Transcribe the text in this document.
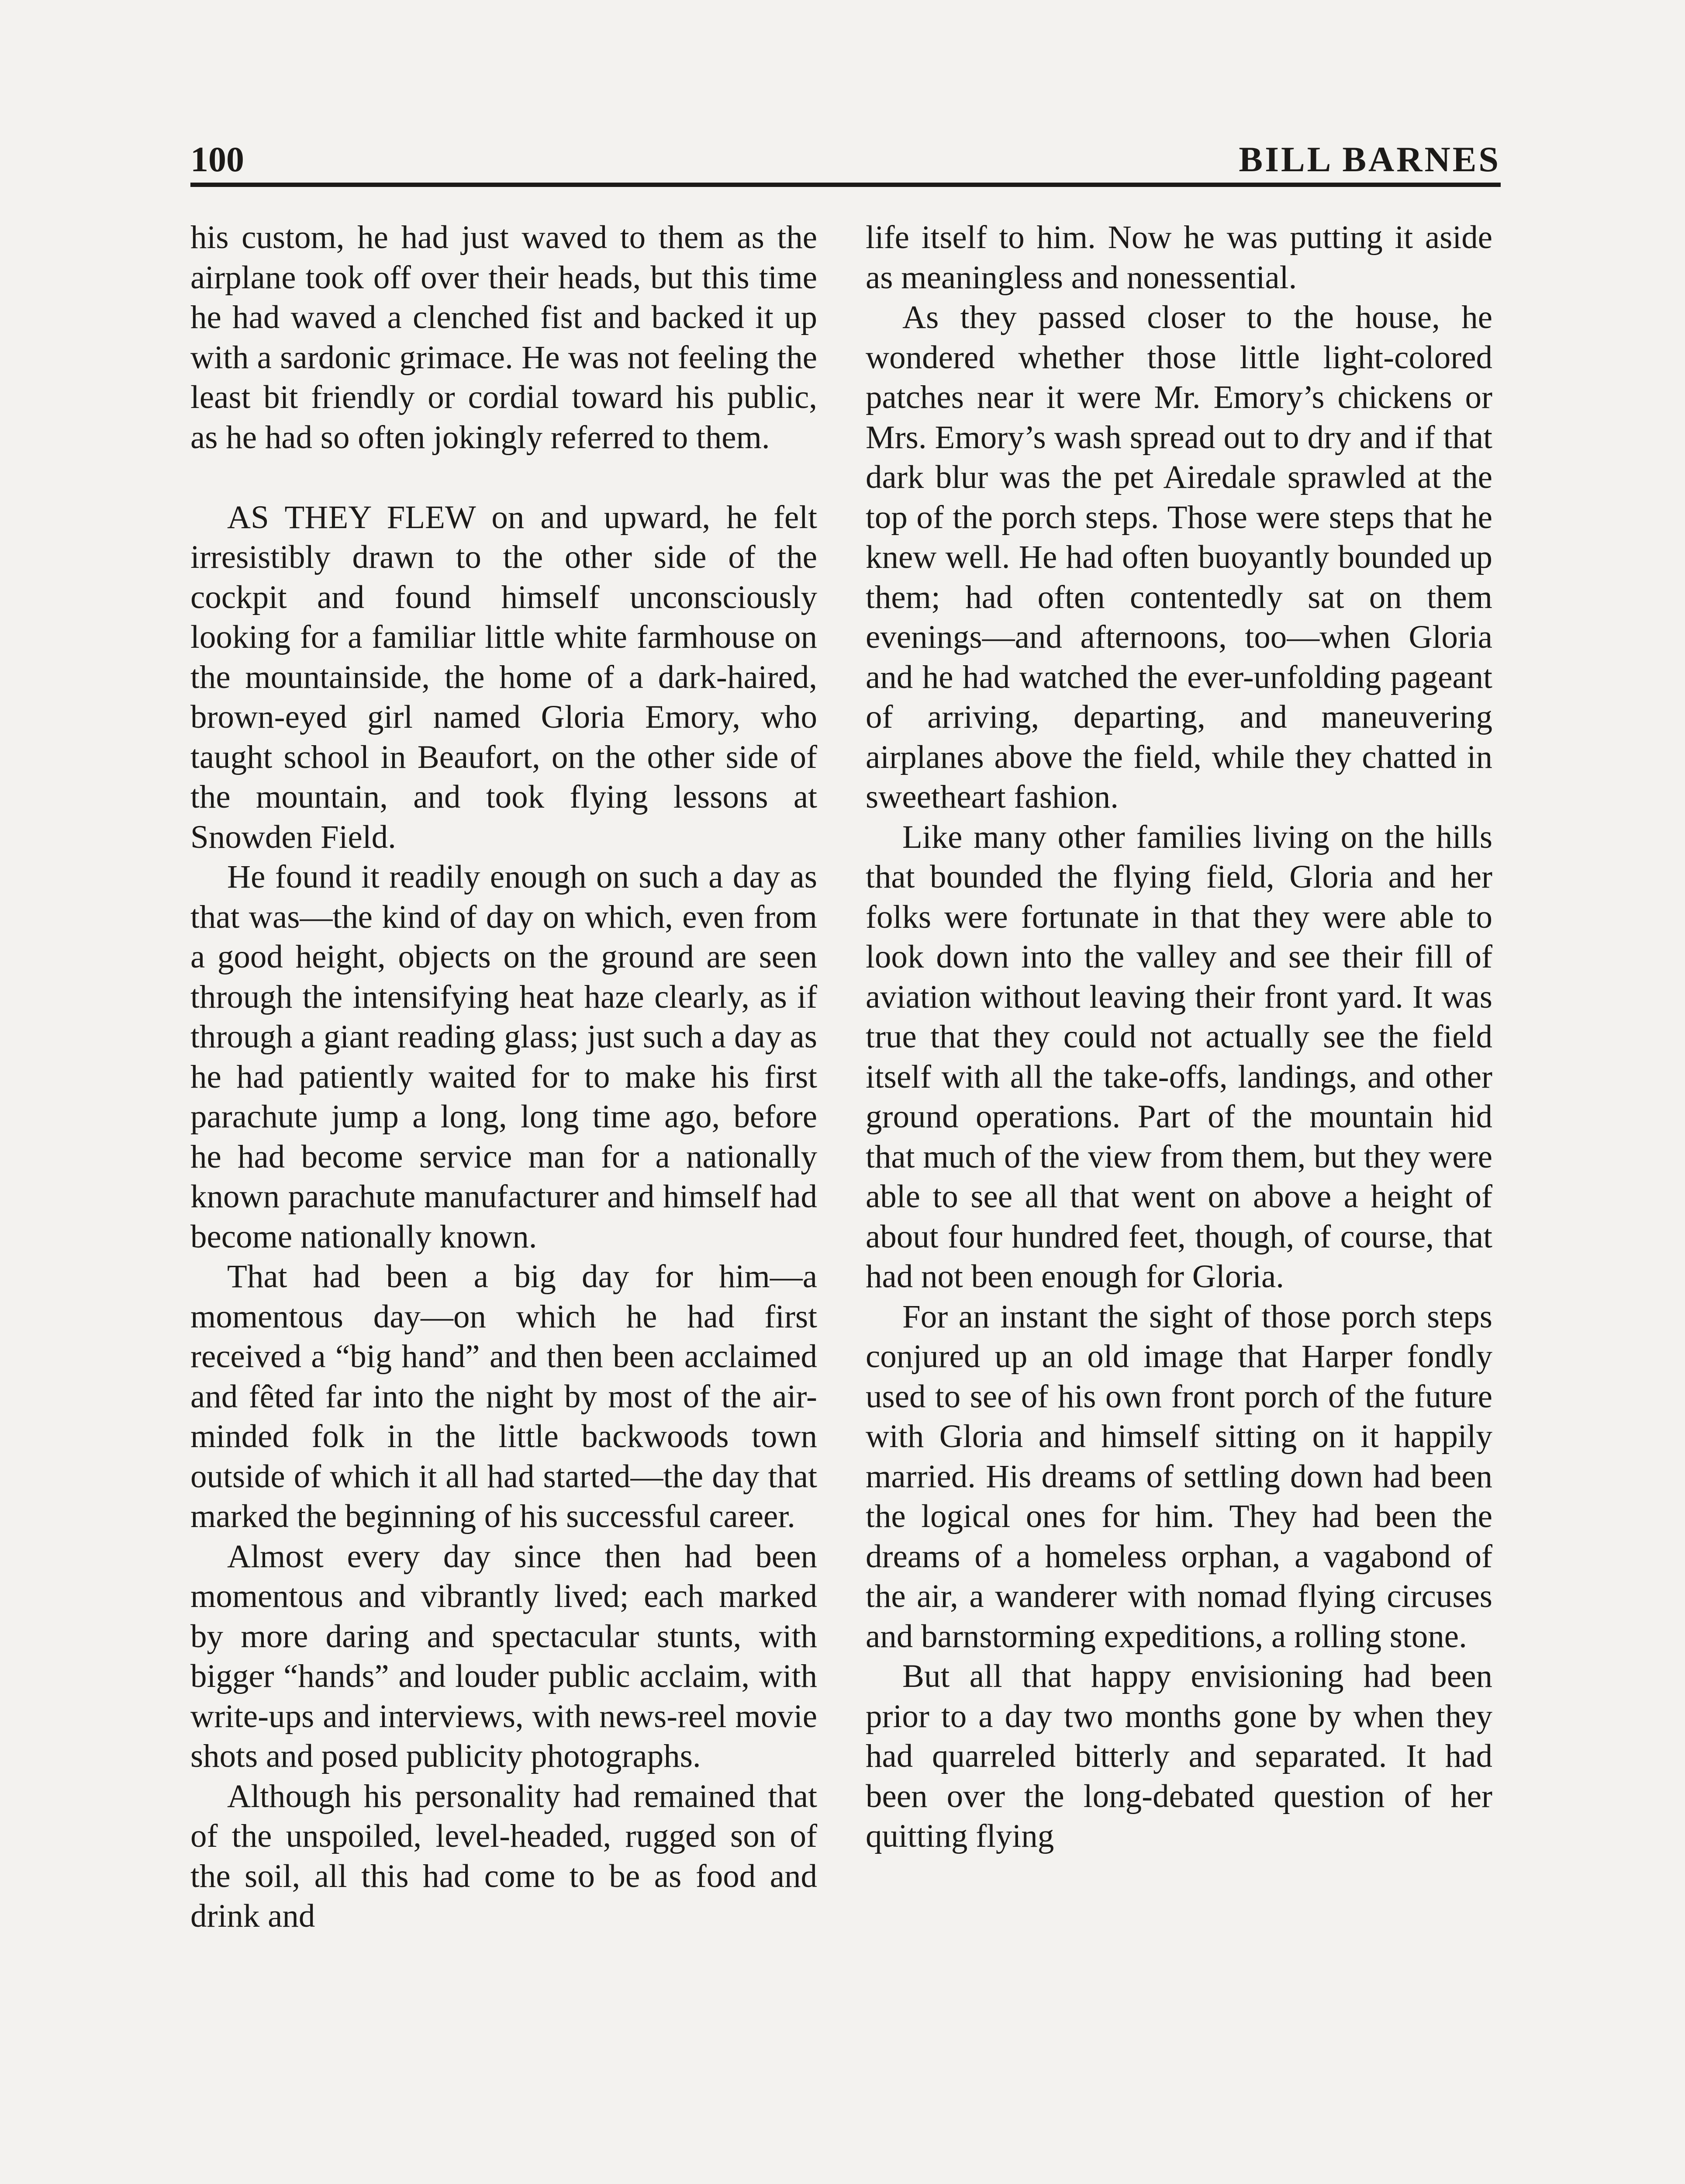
100	BILL BARNES

his custom, he had just waved to them as the airplane took off over their heads, but this time he had waved a clenched fist and backed it up with a sardonic grimace. He was not feeling the least bit friendly or cordial toward his public, as he had so often jokingly referred to them.

AS THEY FLEW on and upward, he felt irresistibly drawn to the other side of the cockpit and found himself unconsciously looking for a familiar little white farmhouse on the mountainside, the home of a dark-haired, brown-eyed girl named Gloria Emory, who taught school in Beaufort, on the other side of the mountain, and took flying lessons at Snowden Field.

He found it readily enough on such a day as that was—the kind of day on which, even from a good height, objects on the ground are seen through the intensifying heat haze clearly, as if through a giant reading glass; just such a day as he had patiently waited for to make his first parachute jump a long, long time ago, before he had become service man for a nationally known parachute manufacturer and himself had become nationally known.

That had been a big day for him—a momentous day—on which he had first received a “big hand” and then been acclaimed and fêted far into the night by most of the air-minded folk in the little backwoods town outside of which it all had started—the day that marked the beginning of his successful career.

Almost every day since then had been momentous and vibrantly lived; each marked by more daring and spectacular stunts, with bigger “hands” and louder public acclaim, with write-ups and interviews, with news-reel movie shots and posed publicity photographs.

Although his personality had remained that of the unspoiled, level-headed, rugged son of the soil, all this had come to be as food and drink and

life itself to him. Now he was putting it aside as meaningless and nonessential.

As they passed closer to the house, he wondered whether those little light-colored patches near it were Mr. Emory’s chickens or Mrs. Emory’s wash spread out to dry and if that dark blur was the pet Airedale sprawled at the top of the porch steps. Those were steps that he knew well. He had often buoyantly bounded up them; had often contentedly sat on them evenings—and afternoons, too—when Gloria and he had watched the ever-unfolding pageant of arriving, departing, and maneuvering airplanes above the field, while they chatted in sweetheart fashion.

Like many other families living on the hills that bounded the flying field, Gloria and her folks were fortunate in that they were able to look down into the valley and see their fill of aviation without leaving their front yard. It was true that they could not actually see the field itself with all the take-offs, landings, and other ground operations. Part of the mountain hid that much of the view from them, but they were able to see all that went on above a height of about four hundred feet, though, of course, that had not been enough for Gloria.

For an instant the sight of those porch steps conjured up an old image that Harper fondly used to see of his own front porch of the future with Gloria and himself sitting on it happily married. His dreams of settling down had been the logical ones for him. They had been the dreams of a homeless orphan, a vagabond of the air, a wanderer with nomad flying circuses and barnstorming expeditions, a rolling stone.

But all that happy envisioning had been prior to a day two months gone by when they had quarreled bitterly and separated. It had been over the long-debated question of her quitting flying
